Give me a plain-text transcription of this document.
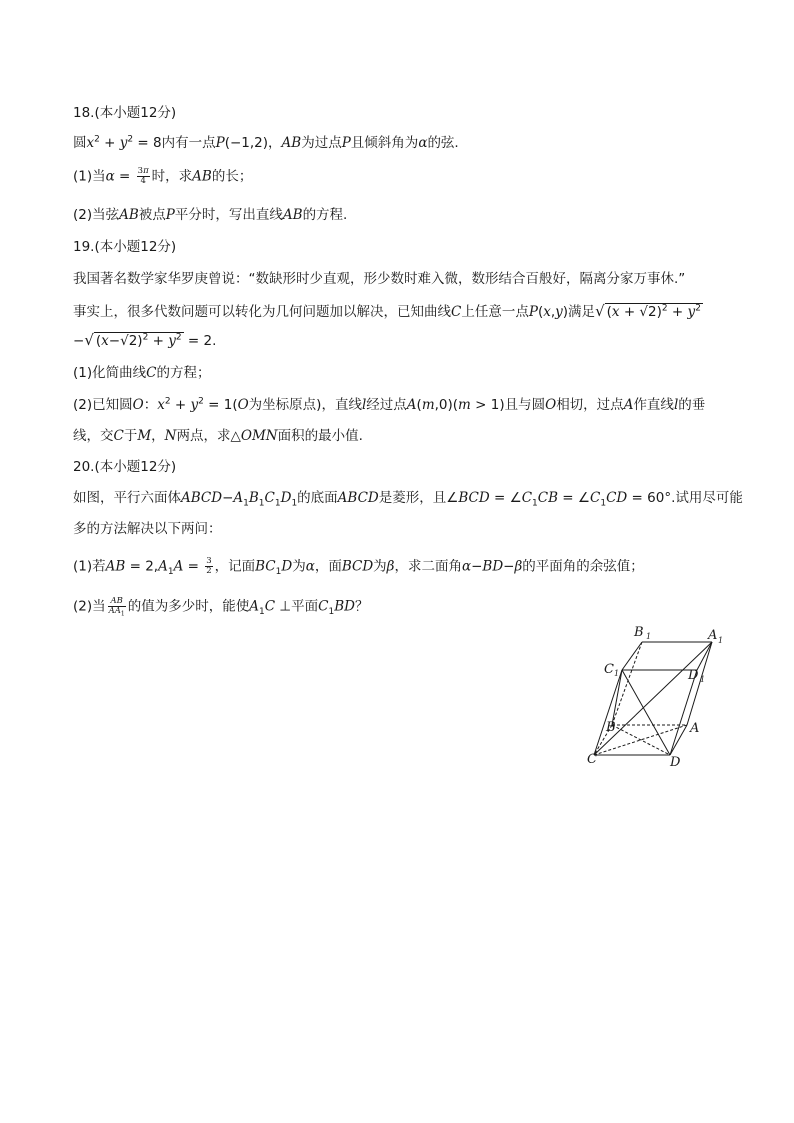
18.(本小题12分)
圆$x^2 + y^2 = 8$内有一点P(−1,2)，AB为过点P且倾斜角为α的弦.
(1)当$\alpha = \frac{3\pi}{4}$ 时，求AB的长；
(2)当弦AB被点P平分时，写出直线AB的方程.
19.(本小题12分)
我国著名数学家华罗庚曾说：“数缺形时少直观，形少数时难入微，数形结合百般好，隔离分家万事休.”
事实上，很多代数问题可以转化为几何问题加以解决，已知曲线C上任意一点P(x,y)满足√ $(x + √2)^2 + y^2$
−√ $(x-√2)^2 + y^2 = 2$.
(1)化简曲线C的方程；
(2)已知圆O：$x^2 + y^2 = 1(O$为坐标原点)，直线l经过点A(m,0)(m > 1)且与圆O相切，过点A作直线l的垂
线，交C于M，N两点，求△OMN面积的最小值.
20.(本小题12分)
如图，平行六面体$ABCD-A_1B_1C_1D_1$的底面ABCD是菱形，且∠BCD = $\angle C_1CB$ = $\angle C_1CD = 60^\circ$.试用尽可能
多的方法解决以下两问：
(1)若AB = $2,A_1A = \frac{3}{2}$ ，记面$BC_1D$为α，面BCD为β，求二面角α−BD−β的平面角的余弦值；
(2)当 $\frac{AB}{AA_1}$ 的值为多少时，能使$A_1C$ ⊥平面$C_1BD$？
B 1	A 1
C 1	D 1
B	A
C	D
